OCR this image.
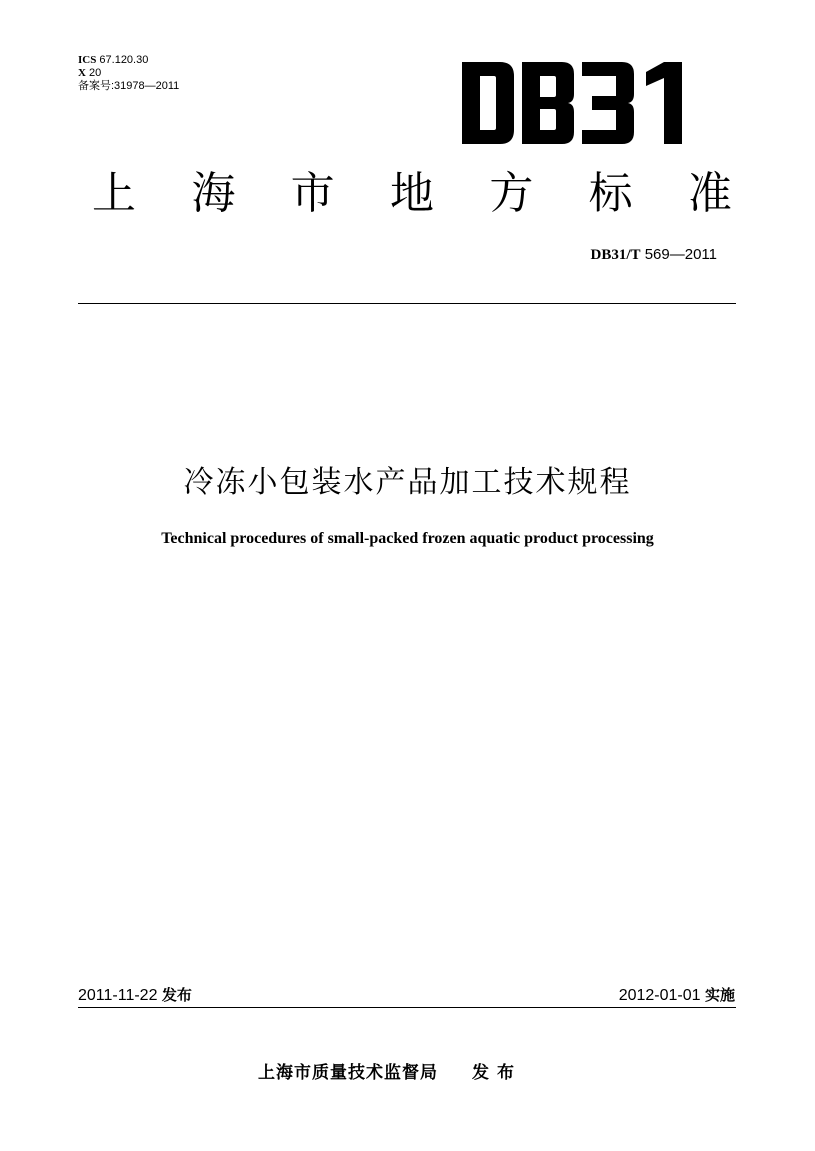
ICS 67.120.30
X 20
备案号:31978—2011
上 海 市 地 方 标 准
DB31/T 569—2011
冷冻小包装水产品加工技术规程
Technical procedures of small-packed frozen aquatic product processing
2011-11-22 发布	2012-01-01 实施
上海市质量技术监督局 发布
